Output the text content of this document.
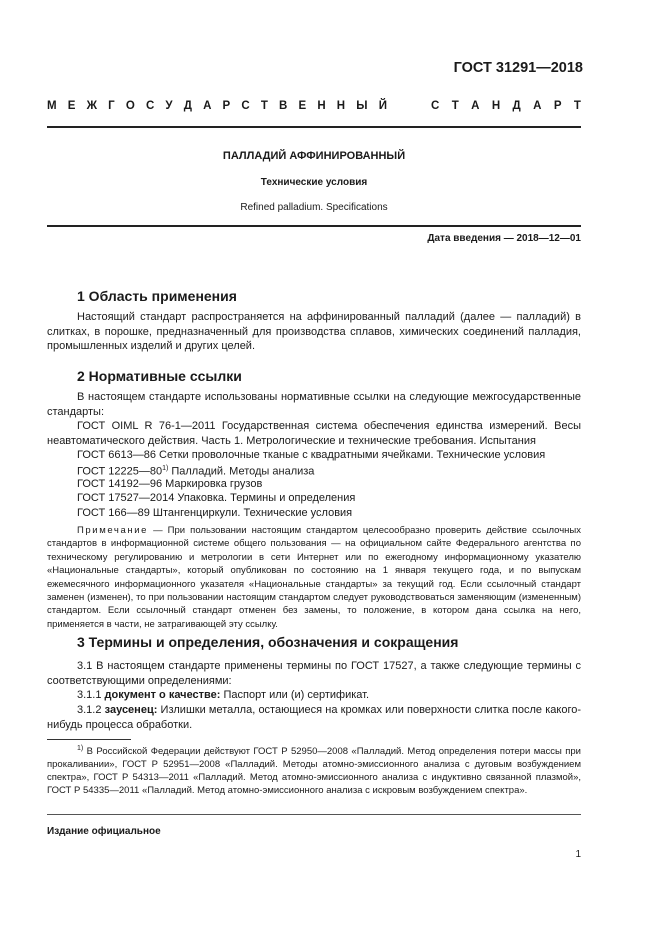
ГОСТ 31291—2018
М Е Ж Г О С У Д А Р С Т В Е Н Н Ы Й	С Т А Н Д А Р Т
ПАЛЛАДИЙ АФФИНИРОВАННЫЙ
Технические условия
Refined palladium. Specifications
Дата введения — 2018—12—01
1 Область применения

Настоящий стандарт распространяется на аффинированный палладий (далее — палладий) в слитках, в порошке, предназначенный для производства сплавов, химических соединений палладия, промышленных изделий и других целей.

2 Нормативные ссылки

В настоящем стандарте использованы нормативные ссылки на следующие межгосударственные стандарты:

ГОСТ OIML R 76-1—2011 Государственная система обеспечения единства измерений. Весы неавтоматического действия. Часть 1. Метрологические и технические требования. Испытания

ГОСТ 6613—86 Сетки проволочные тканые с квадратными ячейками. Технические условия
ГОСТ 12225—80$^{1)}$ Палладий. Методы анализа
ГОСТ 14192—96 Маркировка грузов
ГОСТ 17527—2014 Упаковка. Термины и определения
ГОСТ 166—89 Штангенциркули. Технические условия

Примечание — При пользовании настоящим стандартом целесообразно проверить действие ссылочных стандартов в информационной системе общего пользования — на официальном сайте Федерального агентства по техническому регулированию и метрологии в сети Интернет или по ежегодному информационному указателю «Национальные стандарты», который опубликован по состоянию на 1 января текущего года, и по выпускам ежемесячного информационного указателя «Национальные стандарты» за текущий год. Если ссылочный стандарт заменен (изменен), то при пользовании настоящим стандартом следует руководствоваться заменяющим (измененным) стандартом. Если ссылочный стандарт отменен без замены, то положение, в котором дана ссылка на него, применяется в части, не затрагивающей эту ссылку.

3 Термины и определения, обозначения и сокращения

3.1 В настоящем стандарте применены термины по ГОСТ 17527, а также следующие термины с соответствующими определениями:

3.1.1 документ о качестве: Паспорт или (и) сертификат.

3.1.2 заусенец: Излишки металла, остающиеся на кромках или поверхности слитка после какого-нибудь процесса обработки.

$^{1)}$ В Российской Федерации действуют ГОСТ Р 52950—2008 «Палладий. Метод определения потери массы при прокаливании», ГОСТ Р 52951—2008 «Палладий. Методы атомно-эмиссионного анализа с дуговым возбуждением спектра», ГОСТ Р 54313—2011 «Палладий. Метод атомно-эмиссионного анализа с индуктивно связанной плазмой», ГОСТ Р 54335—2011 «Палладий. Метод атомно-эмиссионного анализа с искровым возбуждением спектра».

Издание официальное
1
